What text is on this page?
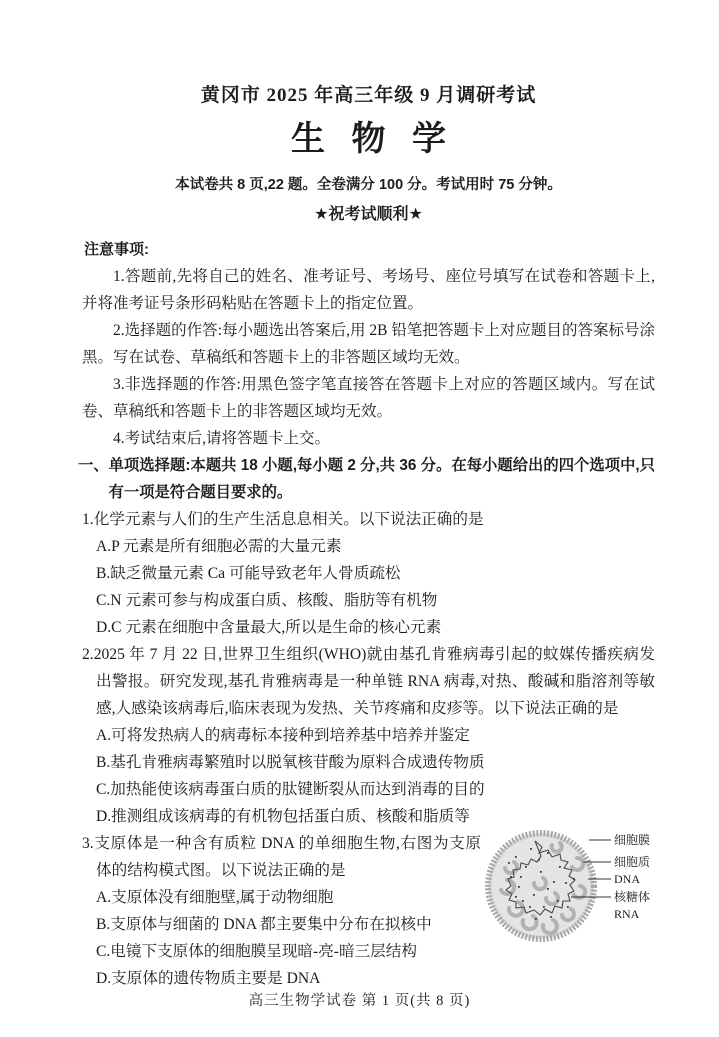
黄冈市 2025 年高三年级 9 月调研考试
生 物 学

本试卷共 8 页,22 题。全卷满分 100 分。考试用时 75 分钟。

★祝考试顺利★

注意事项:

1.答题前,先将自己的姓名、准考证号、考场号、座位号填写在试卷和答题卡上,并将准考证号条形码粘贴在答题卡上的指定位置。

2.选择题的作答:每小题选出答案后,用 2B 铅笔把答题卡上对应题目的答案标号涂黑。写在试卷、草稿纸和答题卡上的非答题区域均无效。

3.非选择题的作答:用黑色签字笔直接答在答题卡上对应的答题区域内。写在试卷、草稿纸和答题卡上的非答题区域均无效。

4.考试结束后,请将答题卡上交。

一、单项选择题:本题共 18 小题,每小题 2 分,共 36 分。在每小题给出的四个选项中,只有一项是符合题目要求的。

1.化学元素与人们的生产生活息息相关。以下说法正确的是

A.P 元素是所有细胞必需的大量元素

B.缺乏微量元素 Ca 可能导致老年人骨质疏松

C.N 元素可参与构成蛋白质、核酸、脂肪等有机物

D.C 元素在细胞中含量最大,所以是生命的核心元素

2.2025 年 7 月 22 日,世界卫生组织(WHO)就由基孔肯雅病毒引起的蚊媒传播疾病发出警报。研究发现,基孔肯雅病毒是一种单链 RNA 病毒,对热、酸碱和脂溶剂等敏感,人感染该病毒后,临床表现为发热、关节疼痛和皮疹等。以下说法正确的是

A.可将发热病人的病毒标本接种到培养基中培养并鉴定

B.基孔肯雅病毒繁殖时以脱氧核苷酸为原料合成遗传物质

C.加热能使该病毒蛋白质的肽键断裂从而达到消毒的目的

D.推测组成该病毒的有机物包括蛋白质、核酸和脂质等

细胞膜
细胞质
DNA
核糖体
RNA

3.支原体是一种含有质粒 DNA 的单细胞生物,右图为支原体的结构模式图。以下说法正确的是

A.支原体没有细胞壁,属于动物细胞

B.支原体与细菌的 DNA 都主要集中分布在拟核中

C.电镜下支原体的细胞膜呈现暗-亮-暗三层结构

D.支原体的遗传物质主要是 DNA

高三生物学试卷 第 1 页(共 8 页)
